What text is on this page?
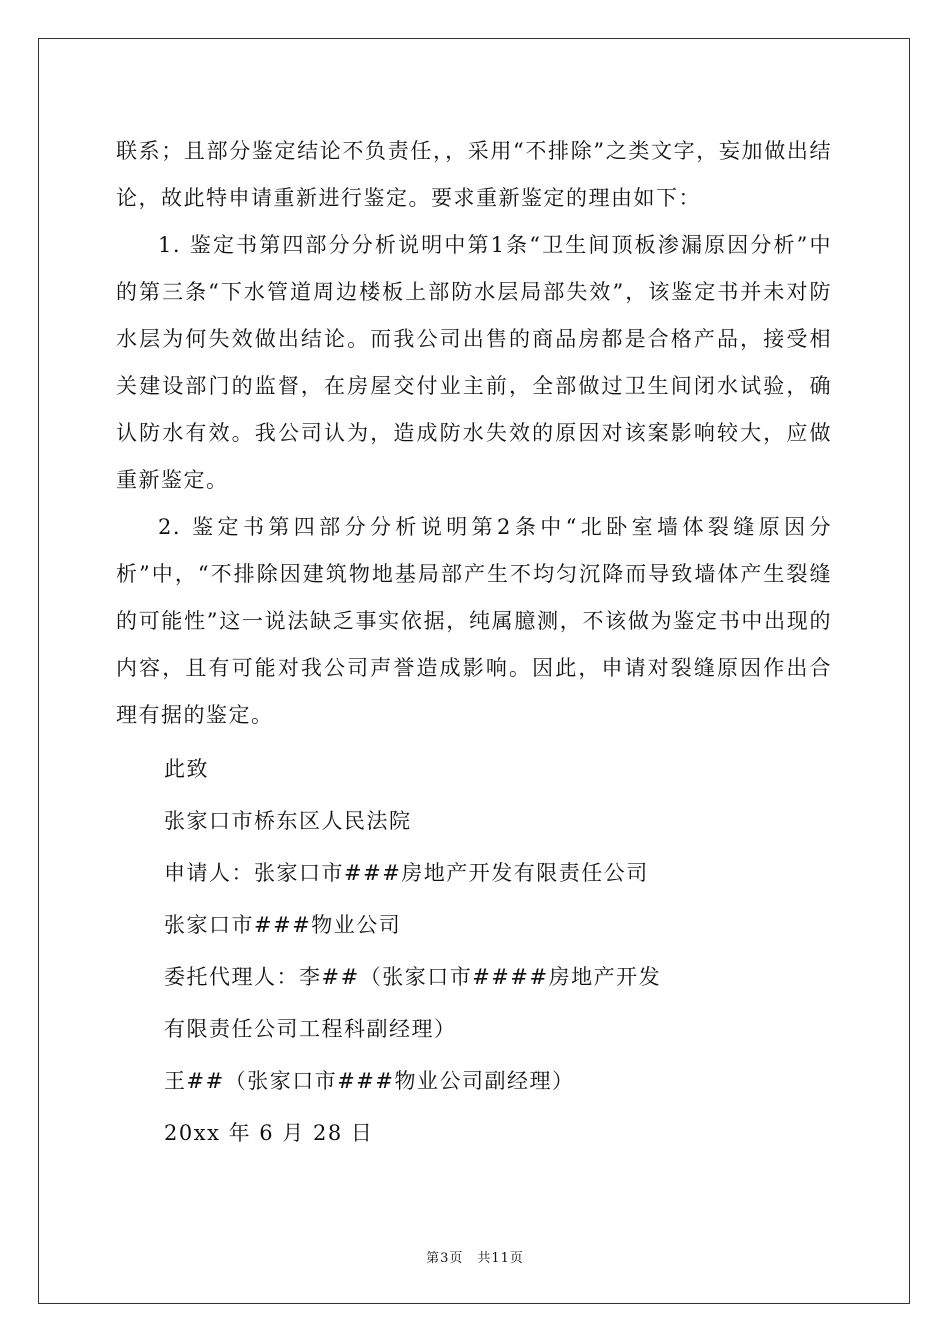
联系；且部分鉴定结论不负责任，，采用“不排除”之类文字，妄加做出结论，故此特申请重新进行鉴定。要求重新鉴定的理由如下：

1. 鉴定书第四部分分析说明中第1条“卫生间顶板渗漏原因分析”中的第三条“下水管道周边楼板上部防水层局部失效”，该鉴定书并未对防水层为何失效做出结论。而我公司出售的商品房都是合格产品，接受相关建设部门的监督，在房屋交付业主前，全部做过卫生间闭水试验，确认防水有效。我公司认为，造成防水失效的原因对该案影响较大，应做重新鉴定。

2. 鉴定书第四部分分析说明第2条中“北卧室墙体裂缝原因分析”中，“不排除因建筑物地基局部产生不均匀沉降而导致墙体产生裂缝的可能性”这一说法缺乏事实依据，纯属臆测，不该做为鉴定书中出现的内容，且有可能对我公司声誉造成影响。因此，申请对裂缝原因作出合理有据的鉴定。

此致

张家口市桥东区人民法院

申请人：张家口市###房地产开发有限责任公司

张家口市###物业公司

委托代理人：李##（张家口市####房地产开发

有限责任公司工程科副经理）

王##（张家口市###物业公司副经理）

20xx 年 6 月 28 日

第3页 共11页
